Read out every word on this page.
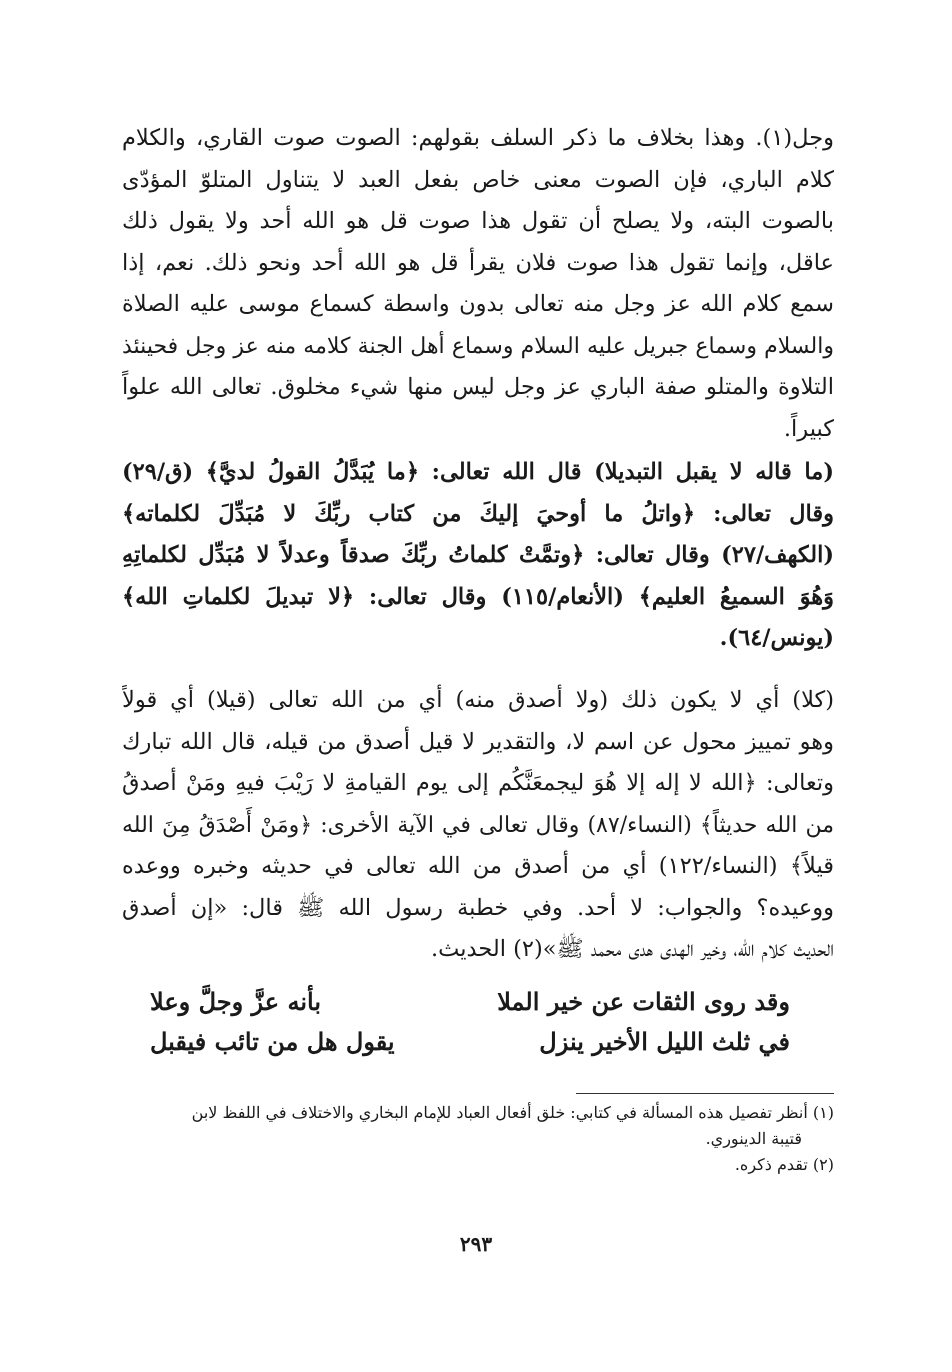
وجل(١). وهذا بخلاف ما ذكر السلف بقولهم: الصوت صوت القاري، والكلام
كلام الباري، فإن الصوت معنى خاص بفعل العبد لا يتناول المتلوّ المؤدّى
بالصوت البته، ولا يصلح أن تقول هذا صوت قل هو الله أحد ولا يقول ذلك
عاقل، وإنما تقول هذا صوت فلان يقرأ قل هو الله أحد ونحو ذلك. نعم، إذا
سمع كلام الله عز وجل منه تعالى بدون واسطة كسماع موسى عليه الصلاة
والسلام وسماع جبريل عليه السلام وسماع أهل الجنة كلامه منه عز وجل فحينئذ
التلاوة والمتلو صفة الباري عز وجل ليس منها شيء مخلوق. تعالى الله علواً
كبيراً.
(ما قاله لا يقبل التبديلا) قال الله تعالى: ﴿ما يُبَدَّلُ القولُ لديَّ﴾ (ق/٢٩)
وقال تعالى: ﴿واتلُ ما أوحيَ إليكَ من كتاب ربِّكَ لا مُبَدِّلَ لكلماته﴾
(الكهف/٢٧) وقال تعالى: ﴿وتمَّتْ كلماتُ ربِّكَ صدقاً وعدلاً لا مُبَدِّل لكلماتِهِ
وَهُوَ السميعُ العليم﴾ (الأنعام/١١٥) وقال تعالى: ﴿لا تبديلَ لكلماتِ الله﴾
(يونس/٦٤).
(كلا) أي لا يكون ذلك (ولا أصدق منه) أي من الله تعالى (قيلا) أي قولاً
وهو تمييز محول عن اسم لا، والتقدير لا قيل أصدق من قيله، قال الله تبارك
وتعالى: ﴿الله لا إله إلا هُوَ ليجمعَنَّكُم إلى يوم القيامةِ لا رَيْبَ فيهِ ومَنْ أصدقُ
من الله حديثاً﴾ (النساء/٨٧) وقال تعالى في الآية الأخرى: ﴿ومَنْ أَصْدَقُ مِنَ الله
قيلاً﴾ (النساء/١٢٢) أي من أصدق من الله تعالى في حديثه وخبره ووعده
ووعيده؟ والجواب: لا أحد. وفي خطبة رسول الله ﷺ قال: «إن أصدق
الحديث كلام الله، وخير الهدى هدى محمد ﷺ»(٢) الحديث.
وقد روى الثقات عن خير الملا
بأنه عزَّ وجلَّ وعلا
في ثلث الليل الأخير ينزل
يقول هل من تائب فيقبل
(١) أنظر تفصيل هذه المسألة في كتابي: خلق أفعال العباد للإمام البخاري والاختلاف في اللفظ لابن
قتيبة الدينوري.
(٢) تقدم ذكره.
٢٩٣
